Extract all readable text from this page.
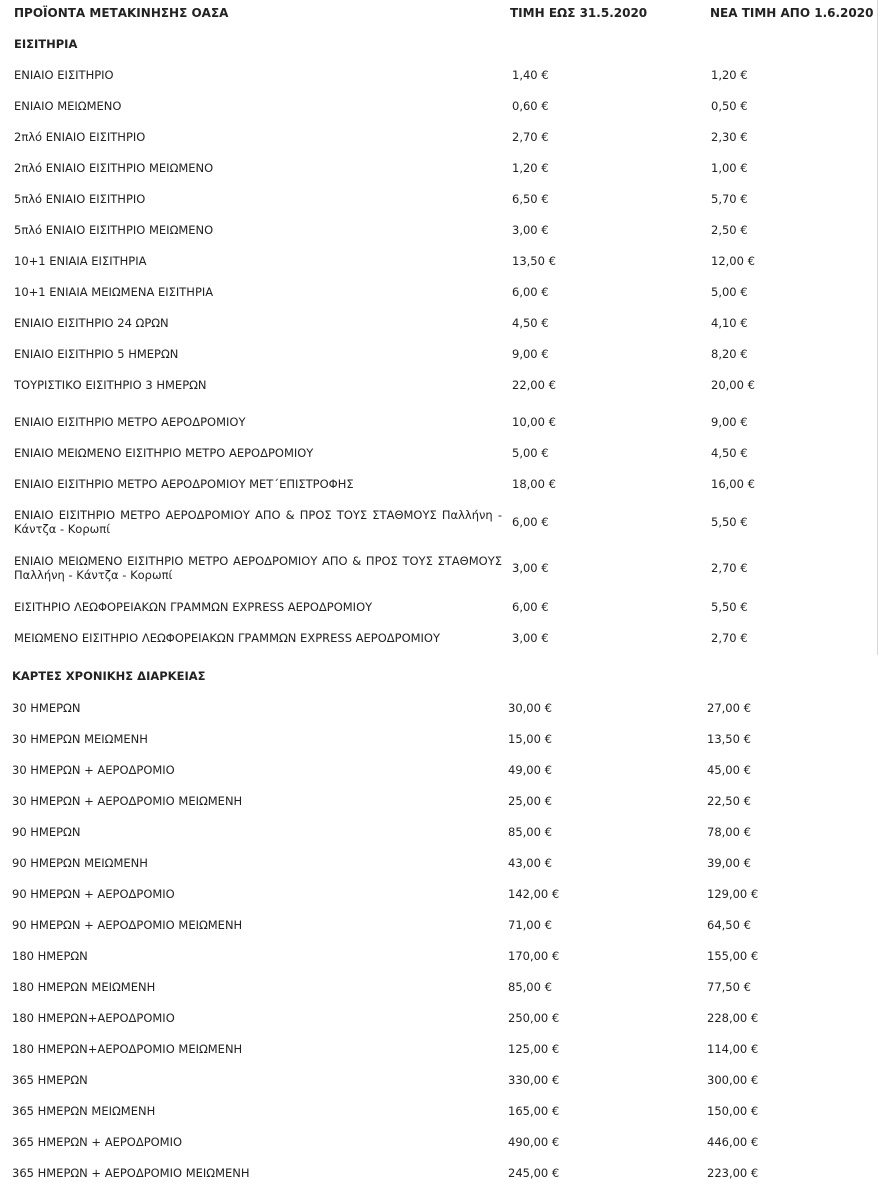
ΠΡΟΪΟΝΤΑ ΜΕΤΑΚΙΝΗΣΗΣ ΟΑΣΑ	ΤΙΜΗ ΕΩΣ 31.5.2020	ΝΕΑ ΤΙΜΗ ΑΠΟ 1.6.2020
ΕΙΣΙΤΗΡΙΑ
ΕΝΙΑΙΟ ΕΙΣΙΤΗΡΙΟ	1,40 €	1,20 €
ΕΝΙΑΙΟ ΜΕΙΩΜΕΝΟ	0,60 €	0,50 €
2πλό ΕΝΙΑΙΟ ΕΙΣΙΤΗΡΙΟ	2,70 €	2,30 €
2πλό ΕΝΙΑΙΟ ΕΙΣΙΤΗΡΙΟ ΜΕΙΩΜΕΝΟ	1,20 €	1,00 €
5πλό ΕΝΙΑΙΟ ΕΙΣΙΤΗΡΙΟ	6,50 €	5,70 €
5πλό ΕΝΙΑΙΟ ΕΙΣΙΤΗΡΙΟ ΜΕΙΩΜΕΝΟ	3,00 €	2,50 €
10+1 ΕΝΙΑΙΑ ΕΙΣΙΤΗΡΙΑ	13,50 €	12,00 €
10+1 ΕΝΙΑΙΑ ΜΕΙΩΜΕΝΑ ΕΙΣΙΤΗΡΙΑ	6,00 €	5,00 €
ΕΝΙΑΙΟ ΕΙΣΙΤΗΡΙΟ 24 ΩΡΩΝ	4,50 €	4,10 €
ΕΝΙΑΙΟ ΕΙΣΙΤΗΡΙΟ 5 ΗΜΕΡΩΝ	9,00 €	8,20 €
ΤΟΥΡΙΣΤΙΚΟ ΕΙΣΙΤΗΡΙΟ 3 ΗΜΕΡΩΝ	22,00 €	20,00 €
ΕΝΙΑΙΟ ΕΙΣΙΤΗΡΙΟ ΜΕΤΡΟ ΑΕΡΟΔΡΟΜΙΟΥ	10,00 €	9,00 €
ΕΝΙΑΙΟ ΜΕΙΩΜΕΝΟ ΕΙΣΙΤΗΡΙΟ ΜΕΤΡΟ ΑΕΡΟΔΡΟΜΙΟΥ	5,00 €	4,50 €
ΕΝΙΑΙΟ ΕΙΣΙΤΗΡΙΟ ΜΕΤΡΟ ΑΕΡΟΔΡΟΜΙΟΥ ΜΕΤ΄ΕΠΙΣΤΡΟΦΗΣ	18,00 €	16,00 €
ΕΝΙΑΙΟ ΕΙΣΙΤΗΡΙΟ ΜΕΤΡΟ ΑΕΡΟΔΡΟΜΙΟΥ ΑΠΟ & ΠΡΟΣ ΤΟΥΣ ΣΤΑΘΜΟΥΣ Παλλήνη - Κάντζα - Κορωπί	6,00 €	5,50 €
ΕΝΙΑΙΟ ΜΕΙΩΜΕΝΟ ΕΙΣΙΤΗΡΙΟ ΜΕΤΡΟ ΑΕΡΟΔΡΟΜΙΟΥ ΑΠΟ & ΠΡΟΣ ΤΟΥΣ ΣΤΑΘΜΟΥΣ Παλλήνη - Κάντζα - Κορωπί	3,00 €	2,70 €
ΕΙΣΙΤΗΡΙΟ ΛΕΩΦΟΡΕΙΑΚΩΝ ΓΡΑΜΜΩΝ EXPRESS ΑΕΡΟΔΡΟΜΙΟΥ	6,00 €	5,50 €
ΜΕΙΩΜΕΝΟ ΕΙΣΙΤΗΡΙΟ ΛΕΩΦΟΡΕΙΑΚΩΝ ΓΡΑΜΜΩΝ EXPRESS ΑΕΡΟΔΡΟΜΙΟΥ	3,00 €	2,70 €
ΚΑΡΤΕΣ ΧΡΟΝΙΚΗΣ ΔΙΑΡΚΕΙΑΣ
30 ΗΜΕΡΩΝ	30,00 €	27,00 €
30 ΗΜΕΡΩΝ ΜΕΙΩΜΕΝΗ	15,00 €	13,50 €
30 ΗΜΕΡΩΝ + ΑΕΡΟΔΡΟΜΙΟ	49,00 €	45,00 €
30 ΗΜΕΡΩΝ + ΑΕΡΟΔΡΟΜΙΟ ΜΕΙΩΜΕΝΗ	25,00 €	22,50 €
90 ΗΜΕΡΩΝ	85,00 €	78,00 €
90 ΗΜΕΡΩΝ ΜΕΙΩΜΕΝΗ	43,00 €	39,00 €
90 ΗΜΕΡΩΝ + ΑΕΡΟΔΡΟΜΙΟ	142,00 €	129,00 €
90 ΗΜΕΡΩΝ + ΑΕΡΟΔΡΟΜΙΟ ΜΕΙΩΜΕΝΗ	71,00 €	64,50 €
180 ΗΜΕΡΩΝ	170,00 €	155,00 €
180 ΗΜΕΡΩΝ ΜΕΙΩΜΕΝΗ	85,00 €	77,50 €
180 ΗΜΕΡΩΝ+ΑΕΡΟΔΡΟΜΙΟ	250,00 €	228,00 €
180 ΗΜΕΡΩΝ+ΑΕΡΟΔΡΟΜΙΟ ΜΕΙΩΜΕΝΗ	125,00 €	114,00 €
365 ΗΜΕΡΩΝ	330,00 €	300,00 €
365 ΗΜΕΡΩΝ ΜΕΙΩΜΕΝΗ	165,00 €	150,00 €
365 ΗΜΕΡΩΝ + ΑΕΡΟΔΡΟΜΙΟ	490,00 €	446,00 €
365 ΗΜΕΡΩΝ + ΑΕΡΟΔΡΟΜΙΟ ΜΕΙΩΜΕΝΗ	245,00 €	223,00 €
